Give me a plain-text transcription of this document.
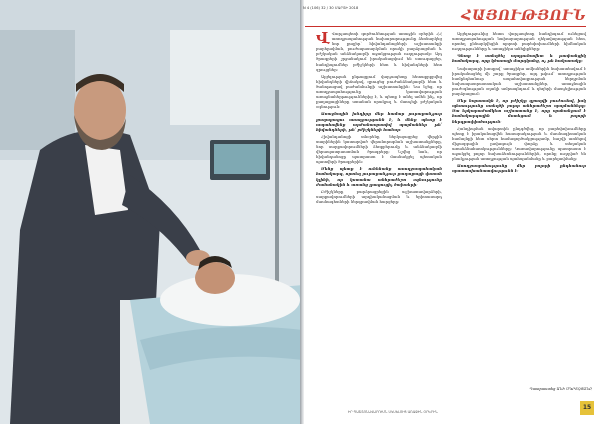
N 4 (106) 32 / 30 ՄԱՐՏԻ 2018	ՀԱՅՈՒԹՅՈՒՆ

Վ Վարչապետի գործունեության առաջին օրերին ՀՀ առողջապահության նախարարությունը ձեռնարկեց նոր քայլեր՝ հիվանդանոցների աշխատանքի բարելավման, բուժսպասարկման որակի բարձրացման և բժշկական անձնակազմի աջակցության ուղղությամբ։ Այդ ծրագրերի շրջանակում իրականացվում են ստուգայցեր, հանդիպումներ բժիշկների հետ և հիվանդների հետ զրույցներ։

Այցելության ընթացքում վարչապետը հետաքրքրվեց հիվանդների վիճակով, զրուցեց բուժանձնակազմի հետ և ծանոթացավ բաժանմունքի աշխատանքին։ Նա նշեց, որ առողջապահությունը կառավարության առաջնահերթություններից է, և պետք է անել ամեն ինչ, որ քաղաքացիները ստանան որակյալ և մատչելի բժշկական օգնություն։

Առաջնային խնդիրը մեր համար յուրաքանչյուր քաղաքացու առողջությունն է, և մենք պետք է ապահովենք արժանապատիվ պայմաններ թե՛ հիվանդների, թե՛ բժիշկների համար։

Հիվանդանոցի տնօրենը ներկայացրեց վերջին տարիներին կատարված վերանորոգման աշխատանքները, նոր սարքավորումների ձեռքբերումը և անձնակազմի վերապատրաստման ծրագրերը։ Նշվեց նաև, որ հիվանդանոցը պատրաստ է մասնակցել պետական պատվերի ծրագրերին։

Մենք պետք է ունենանք առողջապահական համակարգ, որտեղ յուրաքանչյուր քաղաքացի վստահ կլինի, որ կստանա անհրաժեշտ օգնությունը ժամանակին և առանց լրացուցիչ ծախսերի։

Բժիշկները բարձրացրեցին աշխատավարձերի, սարքավորումների արդիականացման և երիտասարդ մասնագետների ներգրավման հարցերը։

Այցելությունից հետո վարչապետը հանդիպում ունեցավ առողջապահության նախարարության ղեկավարության հետ, որտեղ քննարկվեցին ոլորտի բարեփոխումների հիմնական ուղղությունները և առաջիկա անելիքները։

Պետք է ստեղծել արդյունավետ և թափանցիկ համակարգ, որը կծառայի մարդկանց, ոչ թե հակառակը։

Նախարարի խոսքով՝ առաջիկա ամիսներին նախատեսվում է իրականացնել մի շարք ծրագրեր, այդ թվում՝ առողջության համընդհանուր ապահովագրության ներդրման նախապատրաստական աշխատանքներ, առաջնային բուժօգնության օղակի ամրապնդում և դեղերի մատչելիության բարձրացում։

Մեր նպատակն է, որ բժիշկը զբաղվի բուժումով, իսկ պետությունը ստեղծի բոլոր անհրաժեշտ պայմանները։ Սա երկարաժամկետ աշխատանք է, որը պահանջում է համակարգային մոտեցում և բոլորի ներգրավվածություն։

Հանդիպման ավարտին ընդգծվեց, որ բարեփոխումները պետք է իրականացվեն հասարակության և մասնագիտական համայնքի հետ սերտ համագործակցությամբ, հաշվի առնելով միջազգային լավագույն փորձը և տեղական առանձնահատկությունները։ Կառավարությունը պատրաստ է աջակցել բոլոր նախաձեռնություններին, որոնք ուղղված են բնակչության առողջության պահպանմանը և բարելավմանը։

Առողջապահությունը մեր բոլորի ընդհանուր պատասխանատվությունն է։

Պատրաստեց ԱՆԻ ՄԿՐՏՉՅԱՆԸ
ԻՐ ՊԱՇՏՈՆԱՎԱՐՈՒՄՆ ՍԿՍԵԼՈՒՑ ԱՌԱՋԻՆ ՕՐԵՐԻՆ
15
